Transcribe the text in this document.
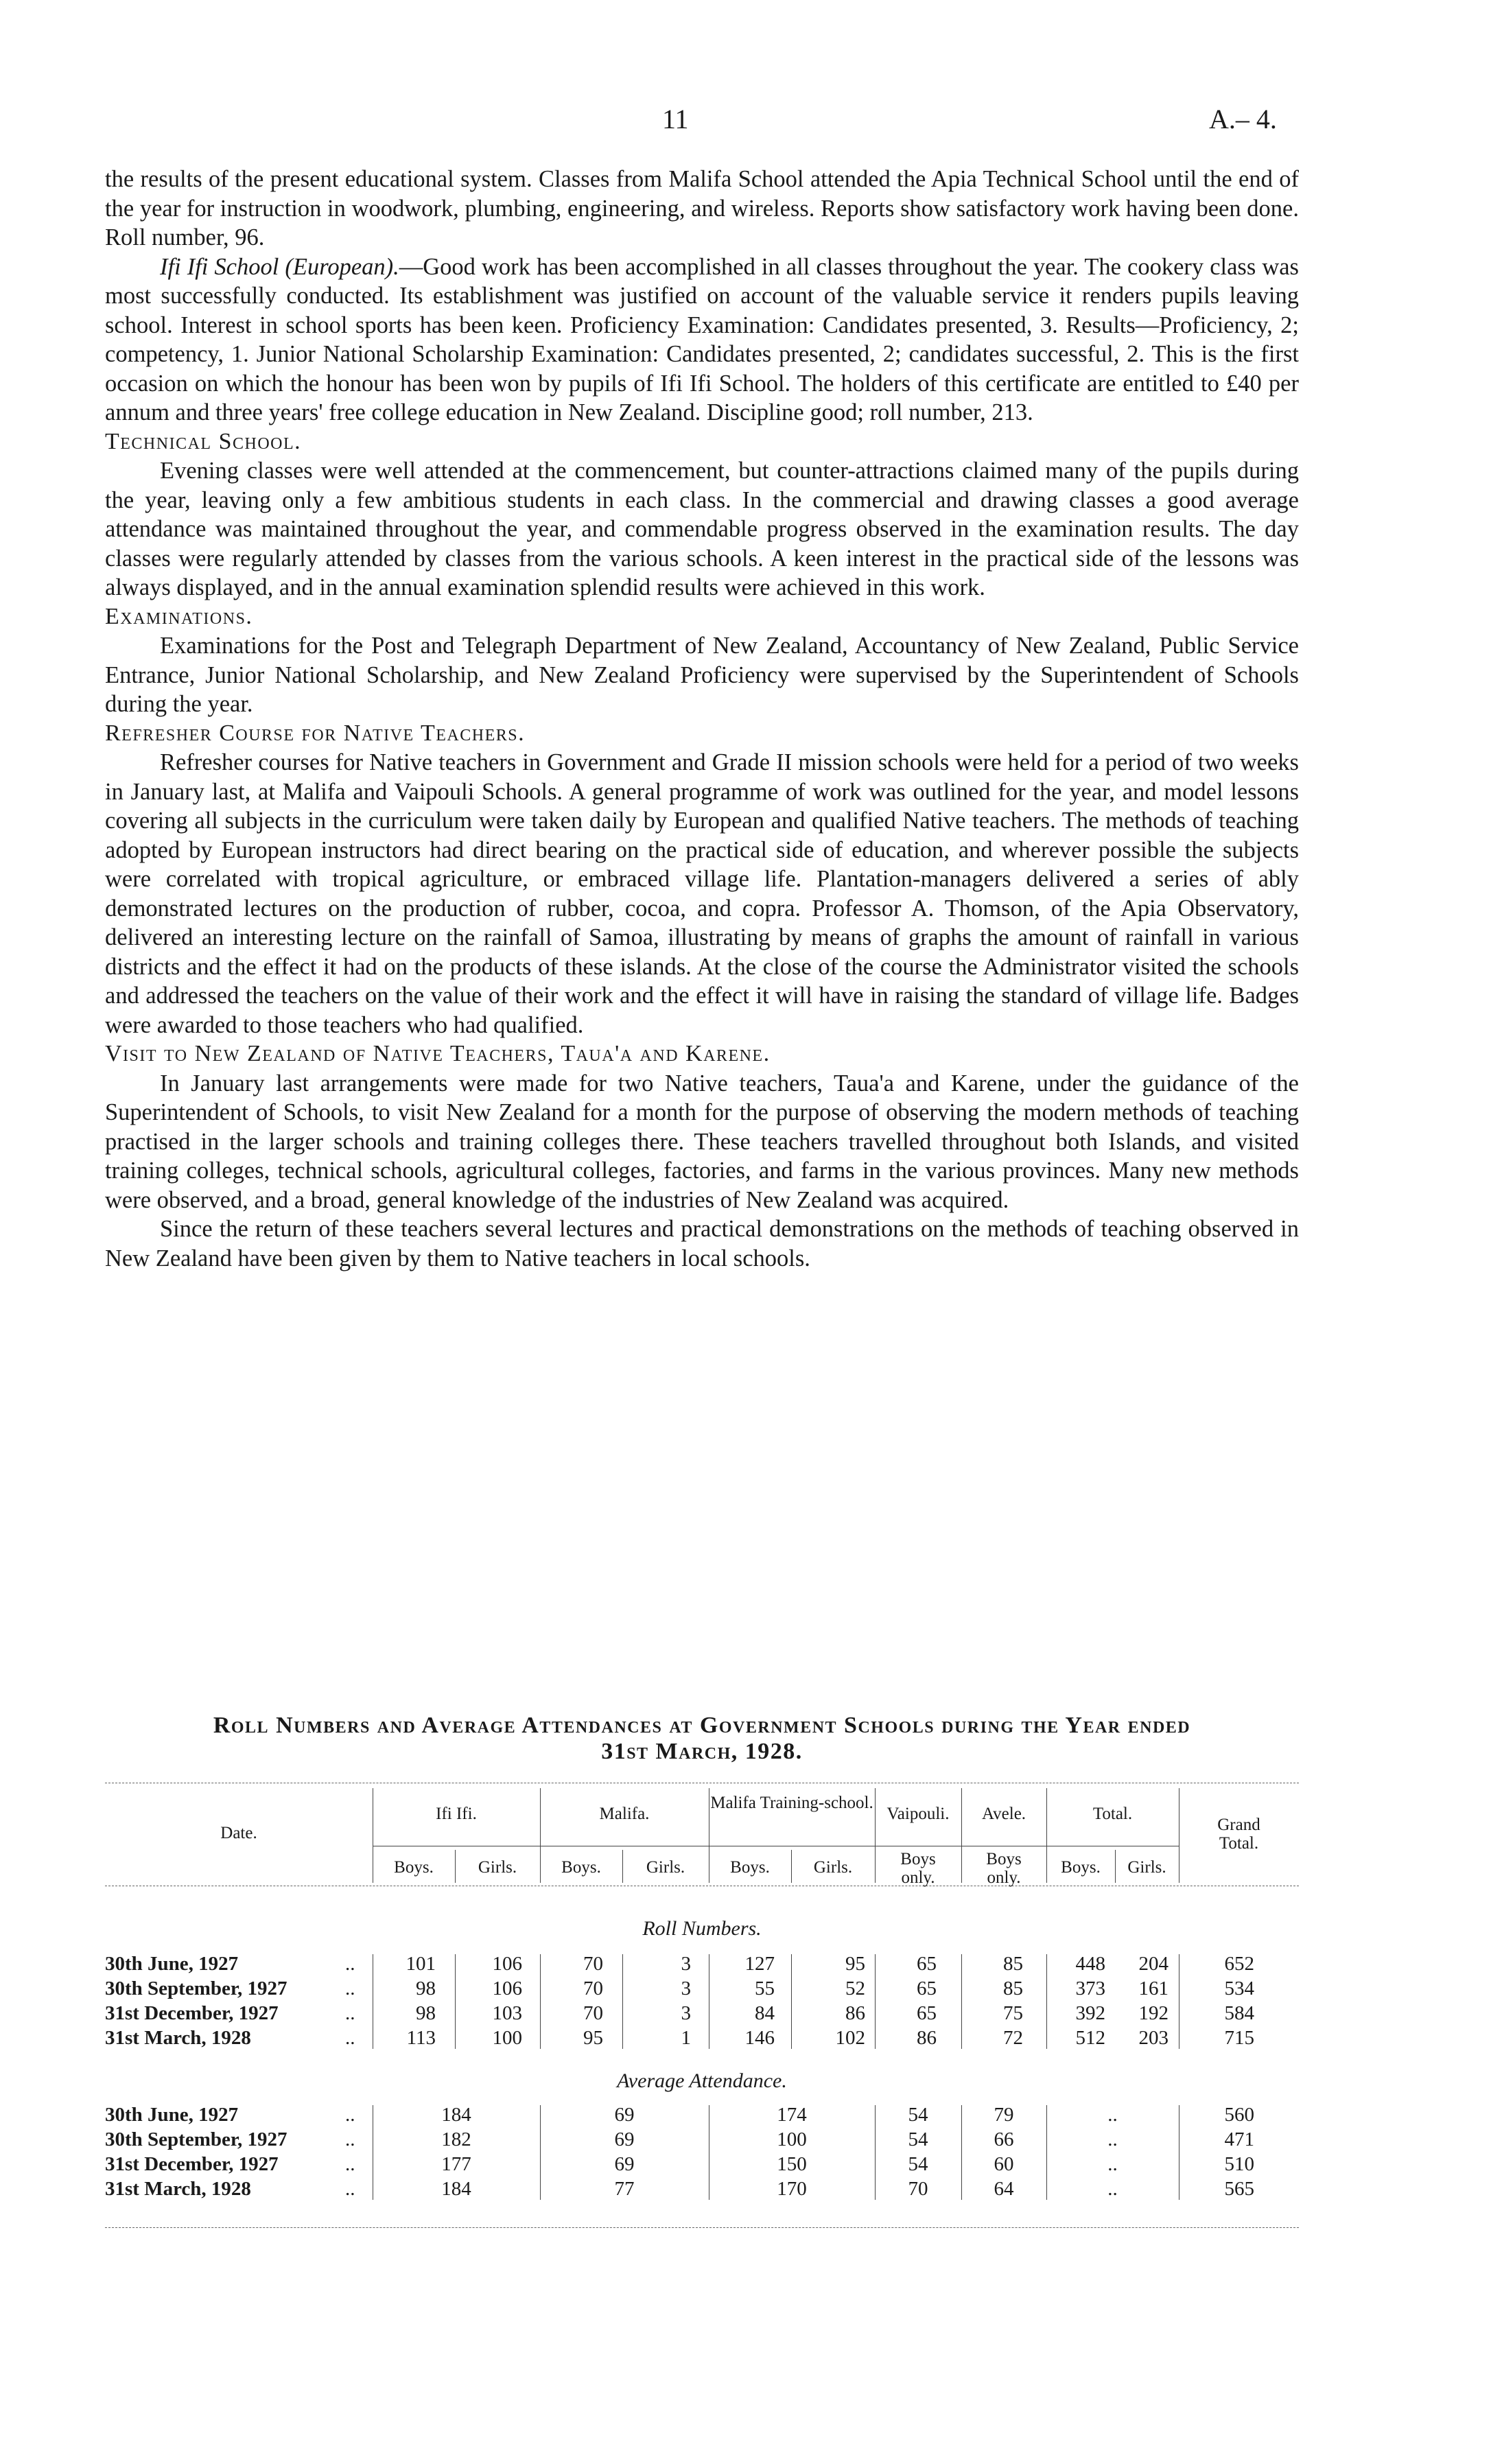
11	A.– 4.

the results of the present educational system. Classes from Malifa School attended the Apia Technical School until the end of the year for instruction in woodwork, plumbing, engineering, and wireless. Reports show satisfactory work having been done. Roll number, 96.

Ifi Ifi School (European).—Good work has been accomplished in all classes throughout the year. The cookery class was most successfully conducted. Its establishment was justified on account of the valuable service it renders pupils leaving school. Interest in school sports has been keen. Proficiency Examination: Candidates presented, 3. Results—Proficiency, 2; competency, 1. Junior National Scholarship Examination: Candidates presented, 2; candidates successful, 2. This is the first occasion on which the honour has been won by pupils of Ifi Ifi School. The holders of this certificate are entitled to £40 per annum and three years' free college education in New Zealand. Discipline good; roll number, 213.

Technical School.

Evening classes were well attended at the commencement, but counter-attractions claimed many of the pupils during the year, leaving only a few ambitious students in each class. In the commercial and drawing classes a good average attendance was maintained throughout the year, and commendable progress observed in the examination results. The day classes were regularly attended by classes from the various schools. A keen interest in the practical side of the lessons was always displayed, and in the annual examination splendid results were achieved in this work.

Examinations.

Examinations for the Post and Telegraph Department of New Zealand, Accountancy of New Zealand, Public Service Entrance, Junior National Scholarship, and New Zealand Proficiency were supervised by the Superintendent of Schools during the year.

Refresher Course for Native Teachers.

Refresher courses for Native teachers in Government and Grade II mission schools were held for a period of two weeks in January last, at Malifa and Vaipouli Schools. A general programme of work was outlined for the year, and model lessons covering all subjects in the curriculum were taken daily by European and qualified Native teachers. The methods of teaching adopted by European instructors had direct bearing on the practical side of education, and wherever possible the subjects were correlated with tropical agriculture, or embraced village life. Plantation-managers delivered a series of ably demonstrated lectures on the production of rubber, cocoa, and copra. Professor A. Thomson, of the Apia Observatory, delivered an interesting lecture on the rainfall of Samoa, illustrating by means of graphs the amount of rainfall in various districts and the effect it had on the products of these islands. At the close of the course the Administrator visited the schools and addressed the teachers on the value of their work and the effect it will have in raising the standard of village life. Badges were awarded to those teachers who had qualified.

Visit to New Zealand of Native Teachers, Taua'a and Karene.

In January last arrangements were made for two Native teachers, Taua'a and Karene, under the guidance of the Superintendent of Schools, to visit New Zealand for a month for the purpose of observing the modern methods of teaching practised in the larger schools and training colleges there. These teachers travelled throughout both Islands, and visited training colleges, technical schools, agricultural colleges, factories, and farms in the various provinces. Many new methods were observed, and a broad, general knowledge of the industries of New Zealand was acquired.

Since the return of these teachers several lectures and practical demonstrations on the methods of teaching observed in New Zealand have been given by them to Native teachers in local schools.

Roll Numbers and Average Attendances at Government Schools during the Year ended
31st March, 1928.
Date.
Ifi Ifi.	Malifa.
Malifa Training-school.
Vaipouli.	Avele.	Total.
Grand Total.
Boys.	Girls.	Boys.	Girls.	Boys.	Girls.	Boys only.
Boys only.
Boys.	Girls.
Roll Numbers.
Average Attendance.
30th June, 1927	..	101	106	70	3	127	95	65	85	448	204	652
30th September, 1927	..	98	106	70	3	55	52	65	85	373	161	534
31st December, 1927	..	98	103	70	3	84	86	65	75	392	192	584
31st March, 1928	..	113	100	95	1	146	102	86	72	512	203	715
30th June, 1927	..	184	69	174	54	79	..	560
30th September, 1927	..	182	69	100	54	66	..	471
31st December, 1927	..	177	69	150	54	60	..	510
31st March, 1928	..	184	77	170	70	64	..	565
